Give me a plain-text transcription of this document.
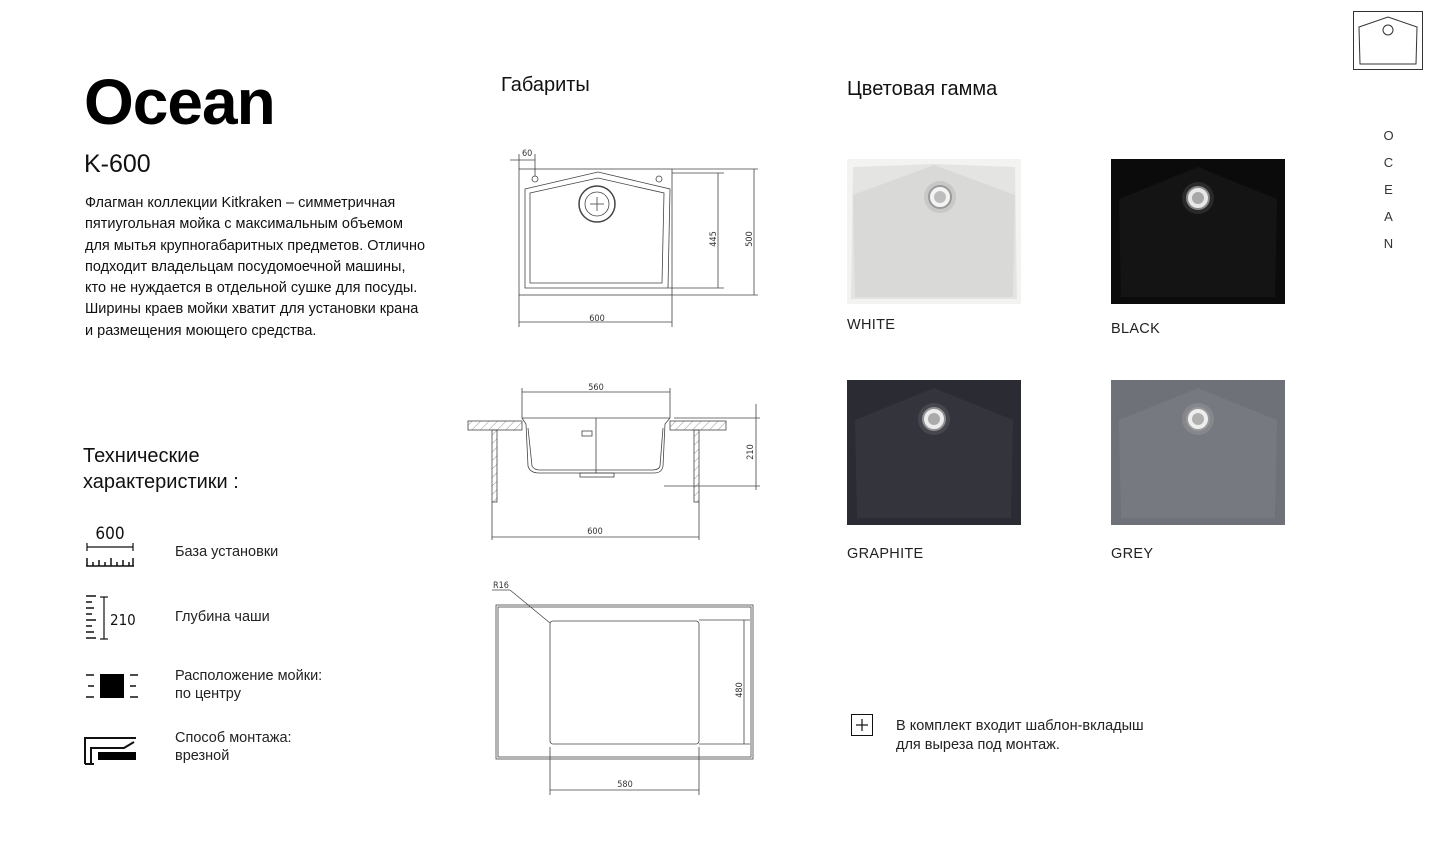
Ocean
K-600
Флагман коллекции Kitkraken – симметричная пятиугольная мойка с максимальным объемом для мытья крупногабаритных предметов. Отлично подходит владельцам посудомоечной машины, кто не нуждается в отдельной сушке для посуды. Ширины краев мойки хватит для установки крана и размещения моющего средства.
Технические
характеристики :
600
База установки
210	Глубина чаши
Расположение мойки:
по центру
Способ монтажа:
врезной
Габариты
60
445	500
600
560
210
600
R16
480
580
Цветовая гамма
WHITE	BLACK
GRAPHITE	GREY
В комплект входит шаблон-вкладыш
для выреза под монтаж.
OCEAN
